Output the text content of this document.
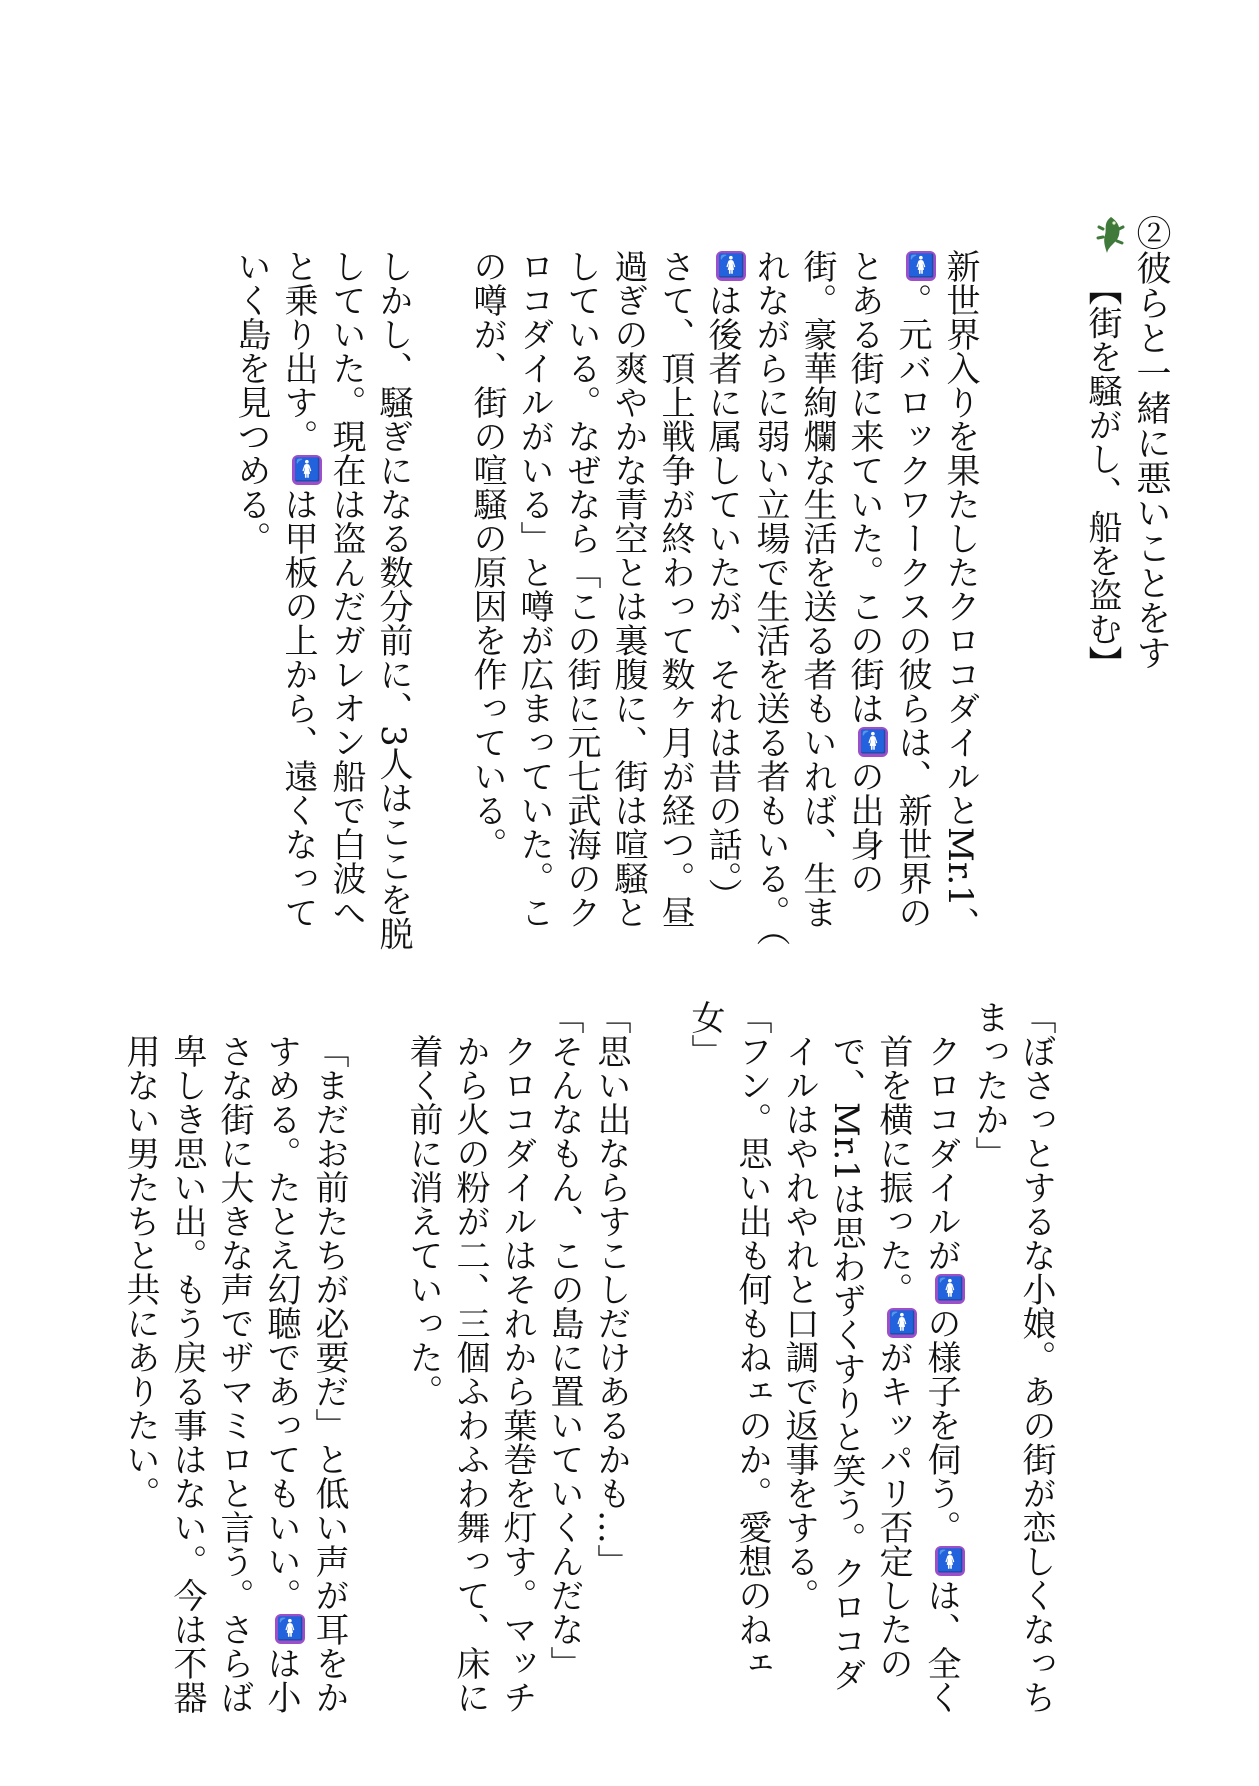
②彼らと一緒に悪いことをす
【街を騒がし、船を盗む】
新世界入りを果たしたクロコダイルとMr.1、🚺。元バロックワークスの彼らは、新世界のとある街に来ていた。この街は🚺の出身の街。豪華絢爛な生活を送る者もいれば、生まれながらに弱い立場で生活を送る者もいる。（🚺は後者に属していたが、それは昔の話。）
さて、頂上戦争が終わって数ヶ月が経つ。昼過ぎの爽やかな青空とは裏腹に、街は喧騒としている。なぜなら「この街に元七武海のクロコダイルがいる」と噂が広まっていた。この噂が、街の喧騒の原因を作っている。
しかし、騒ぎになる数分前に、3人はここを脱していた。現在は盗んだガレオン船で白波へと乗り出す。🚺は甲板の上から、遠くなっていく島を見つめる。
「ぼさっとするな小娘。あの街が恋しくなっちまったか」
クロコダイルが🚺の様子を伺う。🚺は、全く首を横に振った。🚺がキッパリ否定したので、Mr.1は思わずくすりと笑う。クロコダイルはやれやれと口調で返事をする。
「フン。思い出も何もねェのか。愛想のねェ女」
「思い出ならすこしだけあるかも…」
「そんなもん、この島に置いていくんだな」
クロコダイルはそれから葉巻を灯す。マッチから火の粉が二、三個ふわふわ舞って、床に着く前に消えていった。
「まだお前たちが必要だ」と低い声が耳をかすめる。たとえ幻聴であってもいい。🚺は小さな街に大きな声でザマミロと言う。さらば卑しき思い出。もう戻る事はない。今は不器用ない男たちと共にありたい。
